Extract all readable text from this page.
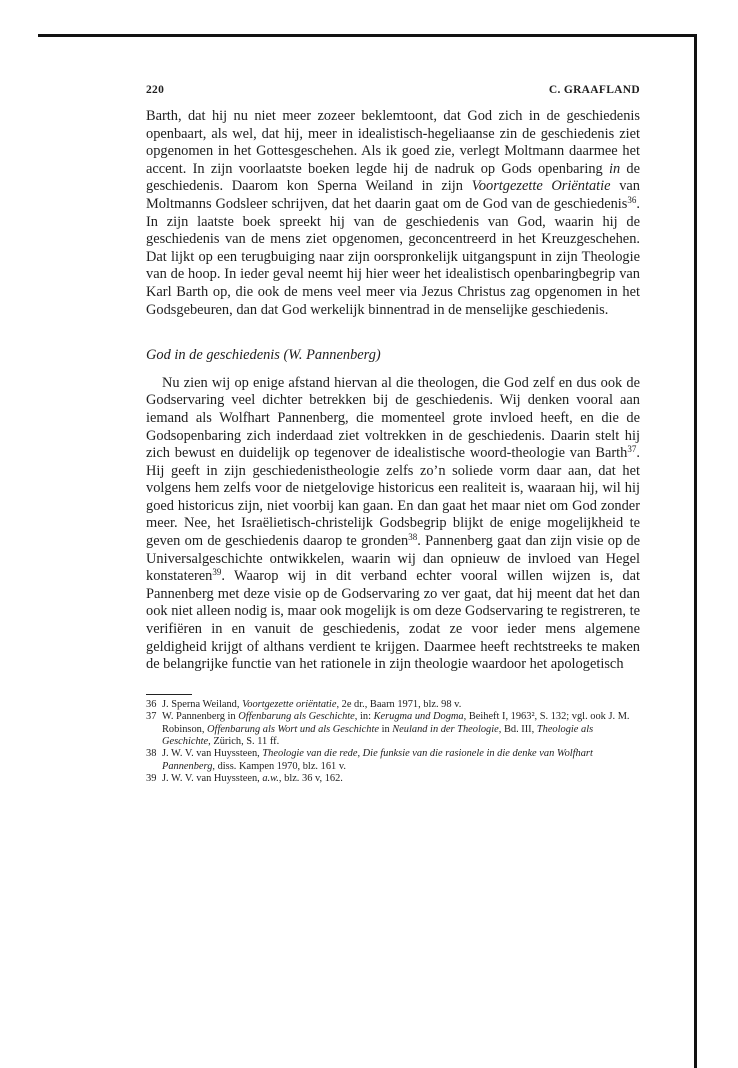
220	C. GRAAFLAND

Barth, dat hij nu niet meer zozeer beklemtoont, dat God zich in de geschiedenis openbaart, als wel, dat hij, meer in idealistisch-hegeliaanse zin de geschiedenis ziet opgenomen in het Gottesgeschehen. Als ik goed zie, verlegt Moltmann daarmee het accent. In zijn voorlaatste boeken legde hij de nadruk op Gods openbaring in de geschiedenis. Daarom kon Sperna Weiland in zijn Voortgezette Oriëntatie van Moltmanns Godsleer schrijven, dat het daarin gaat om de God van de geschiedenis$^{36}$. In zijn laatste boek spreekt hij van de geschiedenis van God, waarin hij de geschiedenis van de mens ziet opgenomen, geconcentreerd in het Kreuzgeschehen. Dat lijkt op een terugbuiging naar zijn oorspronkelijk uitgangspunt in zijn Theologie van de hoop. In ieder geval neemt hij hier weer het idealistisch openbaringbegrip van Karl Barth op, die ook de mens veel meer via Jezus Christus zag opgenomen in het Godsgebeuren, dan dat God werkelijk binnentrad in de menselijke geschiedenis.

God in de geschiedenis (W. Pannenberg)

Nu zien wij op enige afstand hiervan al die theologen, die God zelf en dus ook de Godservaring veel dichter betrekken bij de geschiedenis. Wij denken vooral aan iemand als Wolfhart Pannenberg, die momenteel grote invloed heeft, en die de Godsopenbaring zich inderdaad ziet voltrekken in de geschiedenis. Daarin stelt hij zich bewust en duidelijk op tegenover de idealistische woord-theologie van Barth$^{37}$. Hij geeft in zijn geschiedenistheologie zelfs zo’n soliede vorm daar aan, dat het volgens hem zelfs voor de nietgelovige historicus een realiteit is, waaraan hij, wil hij goed historicus zijn, niet voorbij kan gaan. En dan gaat het maar niet om God zonder meer. Nee, het Israëlietisch-christelijk Godsbegrip blijkt de enige mogelijkheid te geven om de geschiedenis daarop te gronden$^{38}$. Pannenberg gaat dan zijn visie op de Universalgeschichte ontwikkelen, waarin wij dan opnieuw de invloed van Hegel konstateren$^{39}$. Waarop wij in dit verband echter vooral willen wijzen is, dat Pannenberg met deze visie op de Godservaring zo ver gaat, dat hij meent dat het dan ook niet alleen nodig is, maar ook mogelijk is om deze Godservaring te registreren, te verifiëren in en vanuit de geschiedenis, zodat ze voor ieder mens algemene geldigheid krijgt of althans verdient te krijgen. Daarmee heeft rechtstreeks te maken de belangrijke functie van het rationele in zijn theologie waardoor het apologetisch

36 J. Sperna Weiland, Voortgezette oriëntatie, 2e dr., Baarn 1971, blz. 98 v.
37 W. Pannenberg in Offenbarung als Geschichte, in: Kerugma und Dogma, Beiheft I, 1963², S. 132; vgl. ook J. M. Robinson, Offenbarung als Wort und als Geschichte in Neuland in der Theologie, Bd. III, Theologie als Geschichte, Zürich, S. 11 ff.
38 J. W. V. van Huyssteen, Theologie van die rede, Die funksie van die rasionele in die denke van Wolfhart Pannenberg, diss. Kampen 1970, blz. 161 v.
39 J. W. V. van Huyssteen, a.w., blz. 36 v, 162.
